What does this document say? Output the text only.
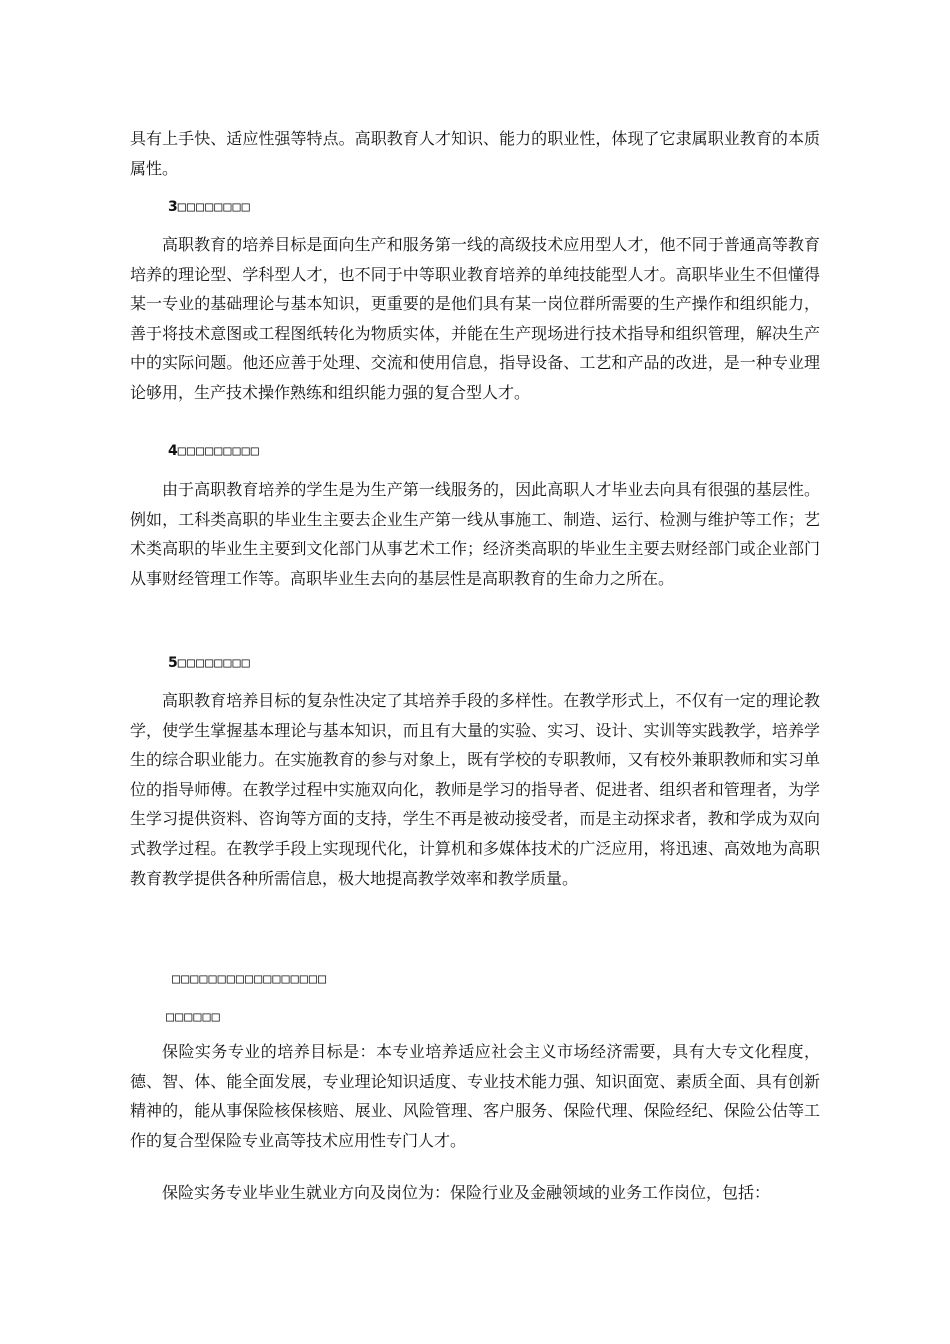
具有上手快、适应性强等特点。高职教育人才知识、能力的职业性，体现了它隶属职业教育的本质属性。

3□□□□□□□□

高职教育的培养目标是面向生产和服务第一线的高级技术应用型人才，他不同于普通高等教育培养的理论型、学科型人才，也不同于中等职业教育培养的单纯技能型人才。高职毕业生不但懂得某一专业的基础理论与基本知识，更重要的是他们具有某一岗位群所需要的生产操作和组织能力，善于将技术意图或工程图纸转化为物质实体，并能在生产现场进行技术指导和组织管理，解决生产中的实际问题。他还应善于处理、交流和使用信息，指导设备、工艺和产品的改进，是一种专业理论够用，生产技术操作熟练和组织能力强的复合型人才。

4□□□□□□□□□

由于高职教育培养的学生是为生产第一线服务的，因此高职人才毕业去向具有很强的基层性。例如，工科类高职的毕业生主要去企业生产第一线从事施工、制造、运行、检测与维护等工作；艺术类高职的毕业生主要到文化部门从事艺术工作；经济类高职的毕业生主要去财经部门或企业部门从事财经管理工作等。高职毕业生去向的基层性是高职教育的生命力之所在。

5□□□□□□□□

高职教育培养目标的复杂性决定了其培养手段的多样性。在教学形式上，不仅有一定的理论教学，使学生掌握基本理论与基本知识，而且有大量的实验、实习、设计、实训等实践教学，培养学生的综合职业能力。在实施教育的参与对象上，既有学校的专职教师，又有校外兼职教师和实习单位的指导师傅。在教学过程中实施双向化，教师是学习的指导者、促进者、组织者和管理者，为学生学习提供资料、咨询等方面的支持，学生不再是被动接受者，而是主动探求者，教和学成为双向式教学过程。在教学手段上实现现代化，计算机和多媒体技术的广泛应用，将迅速、高效地为高职教育教学提供各种所需信息，极大地提高教学效率和教学质量。

□□□□□□□□□□□□□□□□□
□□□□□□

保险实务专业的培养目标是：本专业培养适应社会主义市场经济需要，具有大专文化程度，德、智、体、能全面发展，专业理论知识适度、专业技术能力强、知识面宽、素质全面、具有创新精神的，能从事保险核保核赔、展业、风险管理、客户服务、保险代理、保险经纪、保险公估等工作的复合型保险专业高等技术应用性专门人才。

保险实务专业毕业生就业方向及岗位为：保险行业及金融领域的业务工作岗位，包括：
